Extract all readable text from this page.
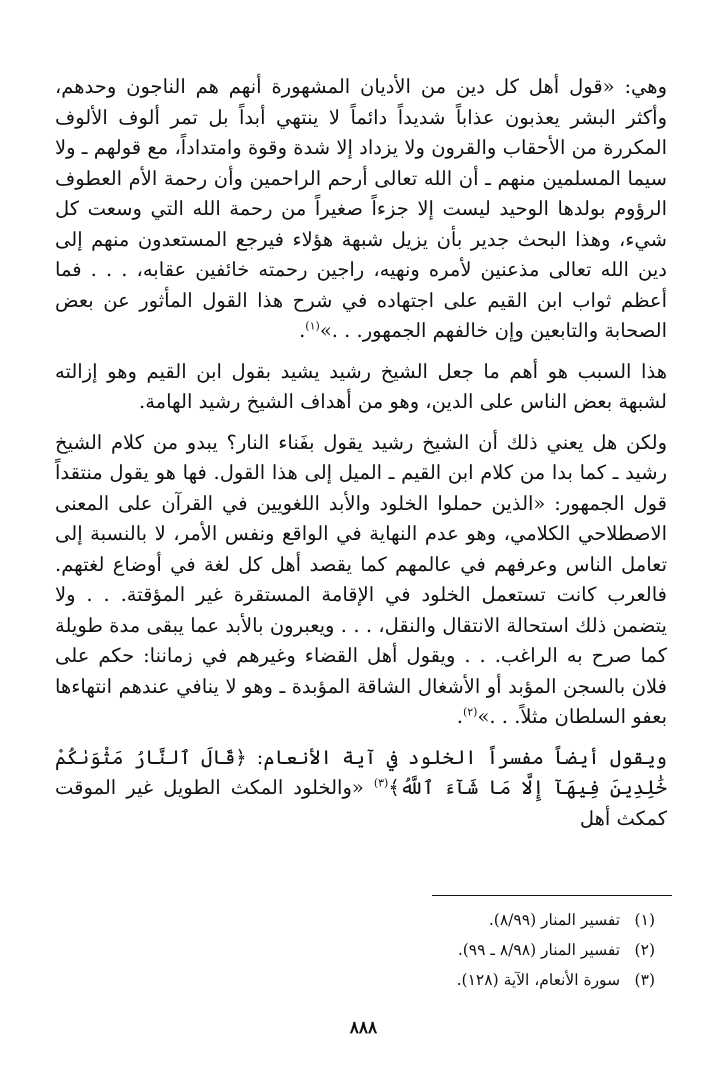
وهي: «قول أهل كل دين من الأديان المشهورة أنهم هم الناجون وحدهم، وأكثر البشر يعذبون عذاباً شديداً دائماً لا ينتهي أبداً بل تمر ألوف الألوف المكررة من الأحقاب والقرون ولا يزداد إلا شدة وقوة وامتداداً، مع قولهم ـ ولا سيما المسلمين منهم ـ أن الله تعالى أرحم الراحمين وأن رحمة الأم العطوف الرؤوم بولدها الوحيد ليست إلا جزءاً صغيراً من رحمة الله التي وسعت كل شيء، وهذا البحث جدير بأن يزيل شبهة هؤلاء فيرجع المستعدون منهم إلى دين الله تعالى مذعنين لأمره ونهيه، راجين رحمته خائفين عقابه، . . . فما أعظم ثواب ابن القيم على اجتهاده في شرح هذا القول المأثور عن بعض الصحابة والتابعين وإن خالفهم الجمهور. . .»$^{(١)}$.

هذا السبب هو أهم ما جعل الشيخ رشيد يشيد بقول ابن القيم وهو إزالته لشبهة بعض الناس على الدين، وهو من أهداف الشيخ رشيد الهامة.

ولكن هل يعني ذلك أن الشيخ رشيد يقول بفَناء النار؟ يبدو من كلام الشيخ رشيد ـ كما بدا من كلام ابن القيم ـ الميل إلى هذا القول. فها هو يقول منتقداً قول الجمهور: «الذين حملوا الخلود والأبد اللغويين في القرآن على المعنى الاصطلاحي الكلامي، وهو عدم النهاية في الواقع ونفس الأمر، لا بالنسبة إلى تعامل الناس وعرفهم في عالمهم كما يقصد أهل كل لغة في أوضاع لغتهم. فالعرب كانت تستعمل الخلود في الإقامة المستقرة غير المؤقتة. . . ولا يتضمن ذلك استحالة الانتقال والنقل، . . . ويعبرون بالأبد عما يبقى مدة طويلة كما صرح به الراغب. . . ويقول أهل القضاء وغيرهم في زماننا: حكم على فلان بالسجن المؤبد أو الأشغال الشاقة المؤبدة ـ وهو لا ينافي عندهم انتهاءها بعفو السلطان مثلاً. . .»$^{(٢)}$.

ويقول أيضاً مفسراً الخلود في آية الأنعام: ﴿قَالَ ٱلنَّارُ مَثْوَىٰكُمْ خَٰلِدِينَ فِيهَآ إِلَّا مَا شَآءَ ٱللَّهُ﴾$^{(٣)}$ «والخلود المكث الطويل غير الموقت كمكث أهل

(١) تفسير المنار (٨/٩٩).
(٢) تفسير المنار (٨/٩٨ ـ ٩٩).
(٣) سورة الأنعام، الآية (١٢٨).
٨٨٨
